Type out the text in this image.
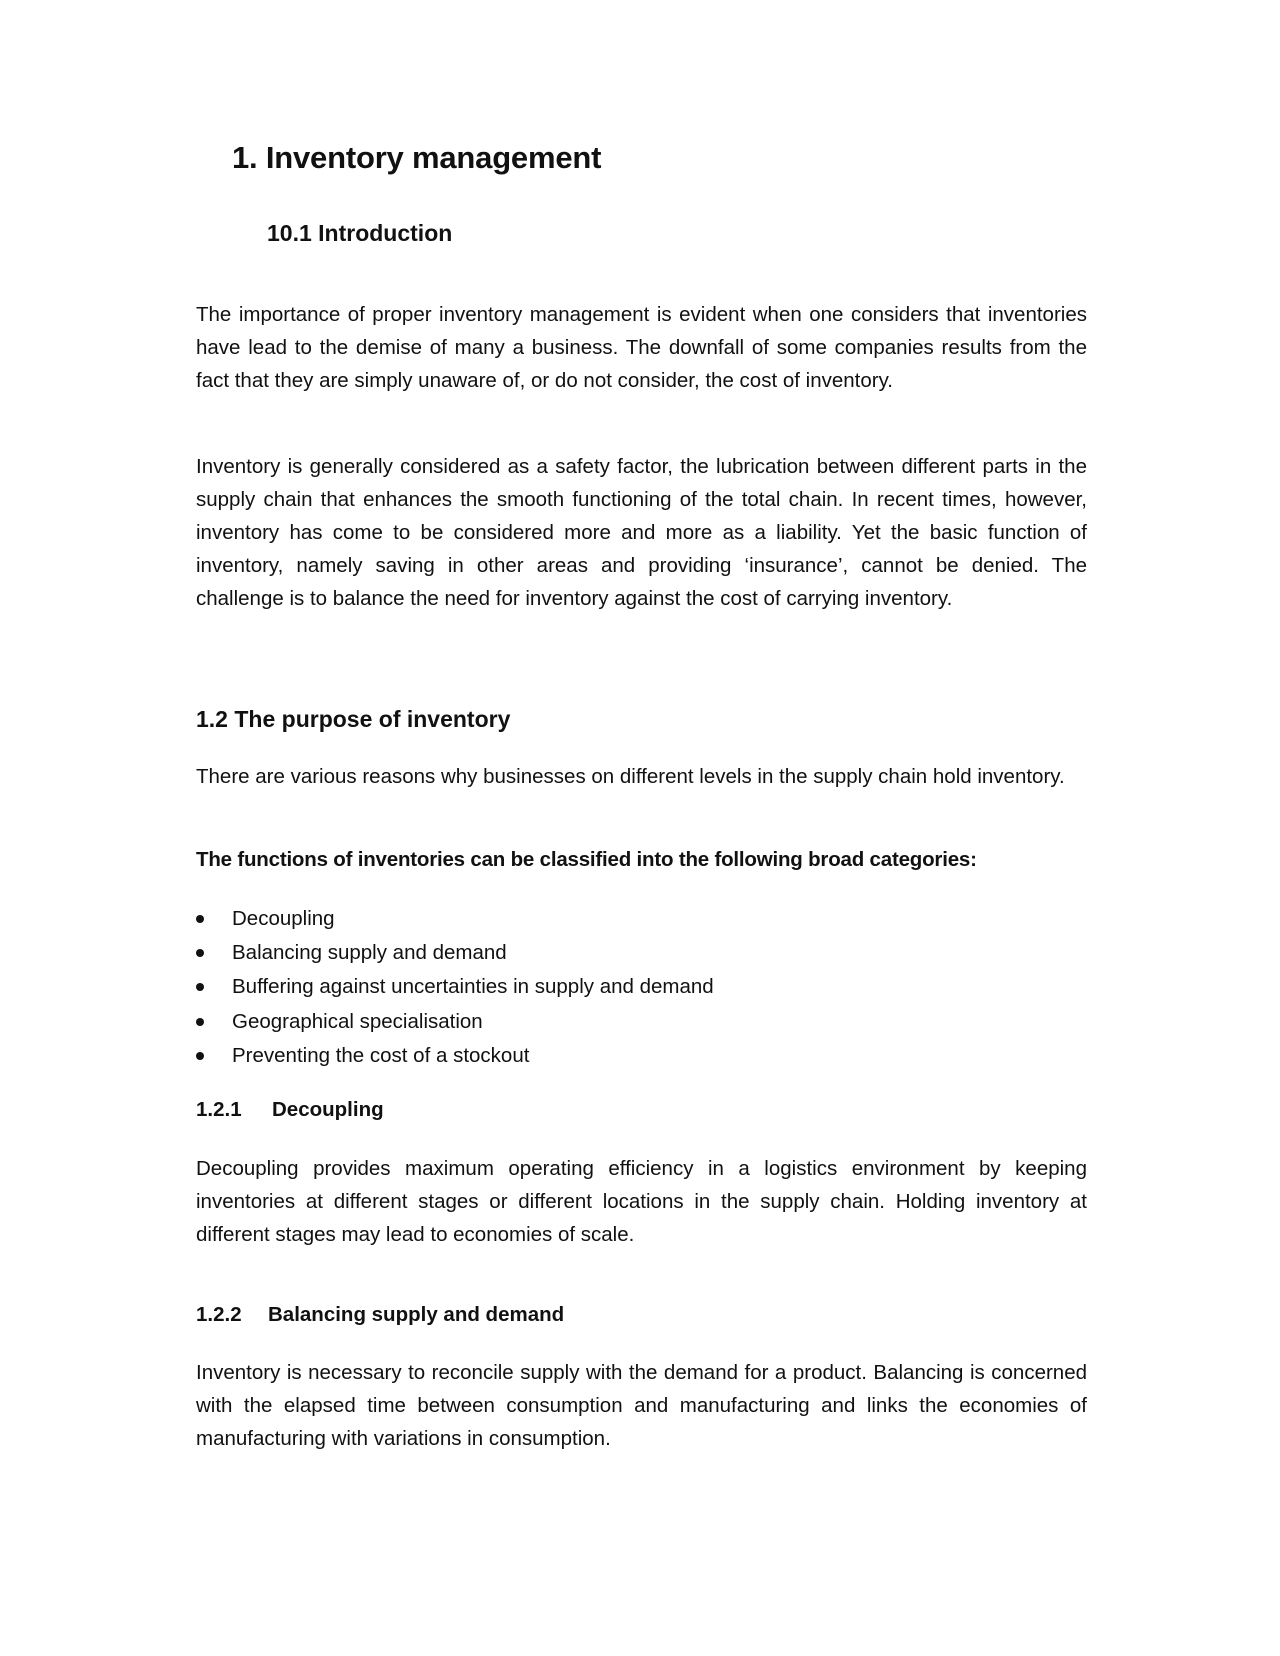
1. Inventory management
10.1 Introduction

The importance of proper inventory management is evident when one considers that inventories have lead to the demise of many a business. The downfall of some companies results from the fact that they are simply unaware of, or do not consider, the cost of inventory.

Inventory is generally considered as a safety factor, the lubrication between different parts in the supply chain that enhances the smooth functioning of the total chain. In recent times, however, inventory has come to be considered more and more as a liability. Yet the basic function of inventory, namely saving in other areas and providing ‘insurance’, cannot be denied. The challenge is to balance the need for inventory against the cost of carrying inventory.

1.2 The purpose of inventory

There are various reasons why businesses on different levels in the supply chain hold inventory.

The functions of inventories can be classified into the following broad categories:

Decoupling
Balancing supply and demand
Buffering against uncertainties in supply and demand
Geographical specialisation
Preventing the cost of a stockout
1.2.1 Decoupling

Decoupling provides maximum operating efficiency in a logistics environment by keeping inventories at different stages or different locations in the supply chain. Holding inventory at different stages may lead to economies of scale.

1.2.2 Balancing supply and demand

Inventory is necessary to reconcile supply with the demand for a product. Balancing is concerned with the elapsed time between consumption and manufacturing and links the economies of manufacturing with variations in consumption.
